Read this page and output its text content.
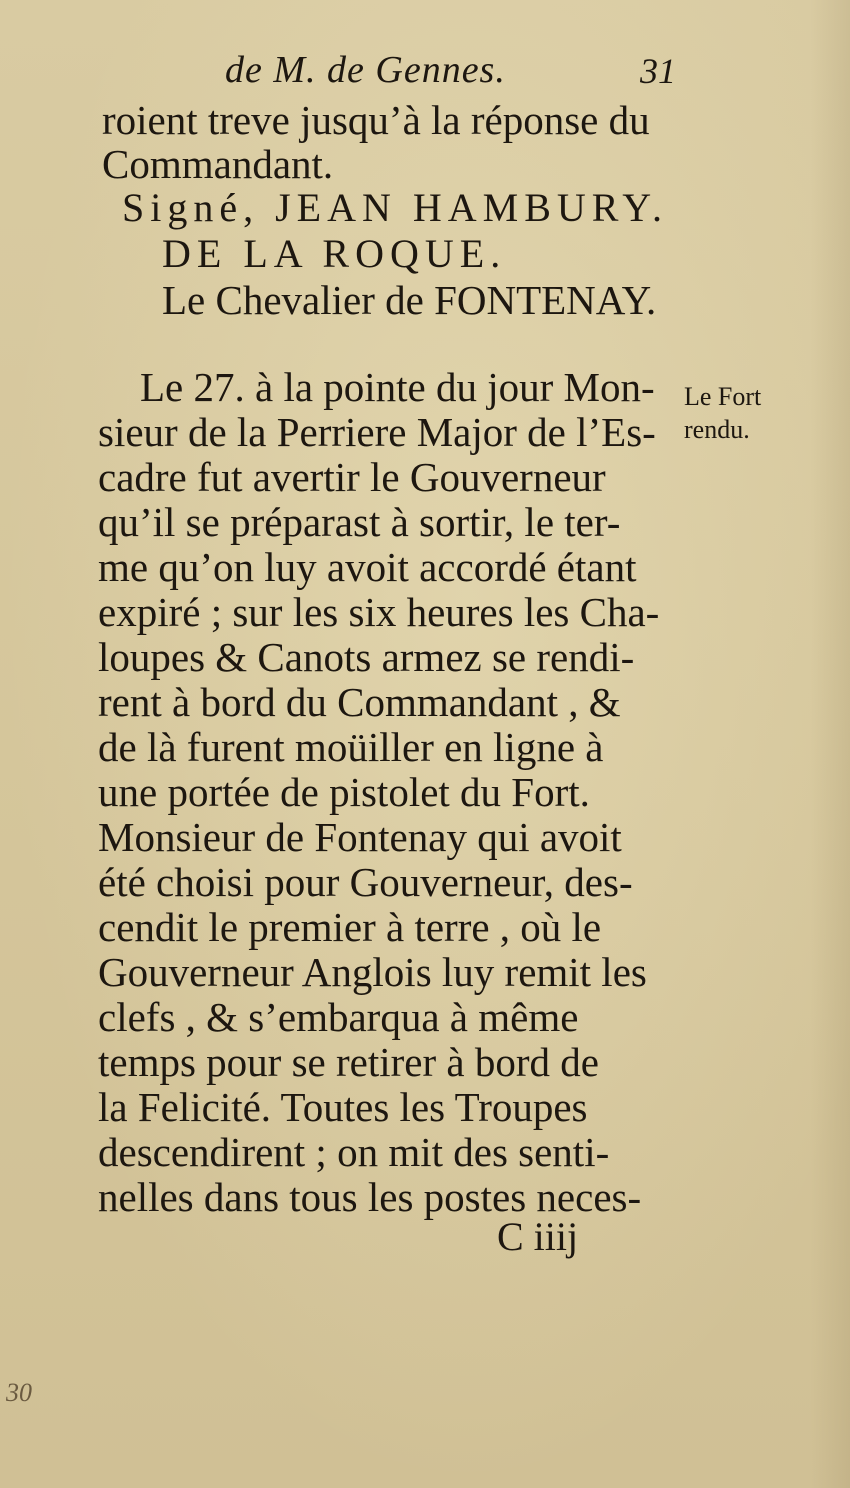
de M. de Gennes.	31
roient treve jusqu’à la réponse du
Commandant.
Signé, JEAN HAMBURY.
DE LA ROQUE.
Le Chevalier de FONTENAY.
Le Fort
rendu.
Le 27. à la pointe du jour Mon-
sieur de la Perriere Major de l’Es-
cadre fut avertir le Gouverneur
qu’il se préparast à sortir, le ter-
me qu’on luy avoit accordé étant
expiré ; sur les six heures les Cha-
loupes & Canots armez se rendi-
rent à bord du Commandant , &
de là furent moüiller en ligne à
une portée de pistolet du Fort.
Monsieur de Fontenay qui avoit
été choisi pour Gouverneur, des-
cendit le premier à terre , où le
Gouverneur Anglois luy remit les
clefs , & s’embarqua à même
temps pour se retirer à bord de
la Felicité. Toutes les Troupes
descendirent ; on mit des senti-
nelles dans tous les postes neces-
C iiij
30
